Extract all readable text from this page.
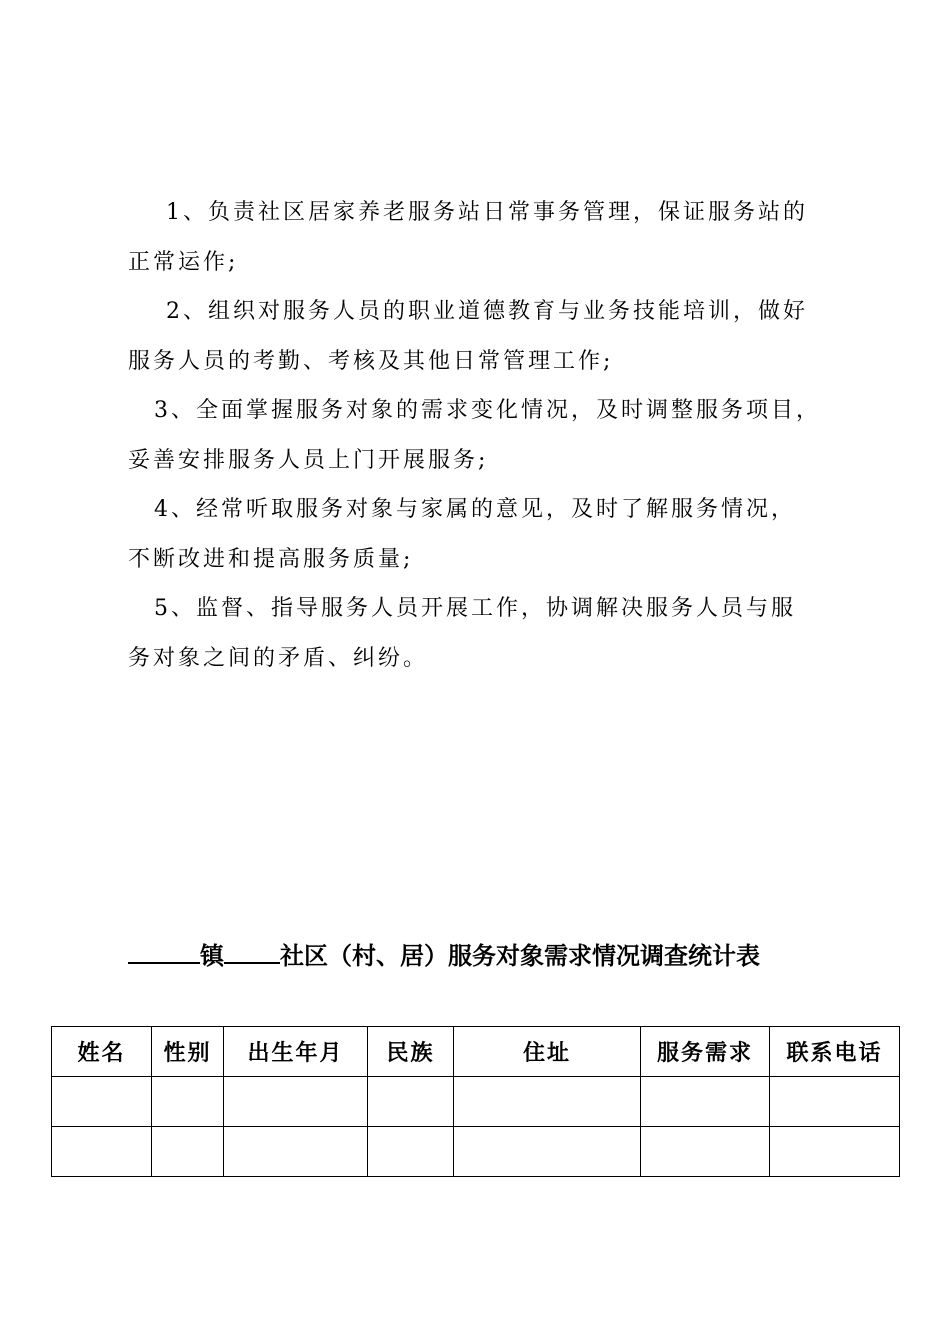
1、负责社区居家养老服务站日常事务管理，保证服务站的
正常运作;

2、组织对服务人员的职业道德教育与业务技能培训，做好
服务人员的考勤、考核及其他日常管理工作;

3、全面掌握服务对象的需求变化情况，及时调整服务项目，
妥善安排服务人员上门开展服务;

4、经常听取服务对象与家属的意见，及时了解服务情况，
不断改进和提高服务质量;

5、监督、指导服务人员开展工作，协调解决服务人员与服
务对象之间的矛盾、纠纷。

镇 社区（村、居）服务对象需求情况调查统计表
姓名	性别	出生年月	民族	住址	服务需求	联系电话
